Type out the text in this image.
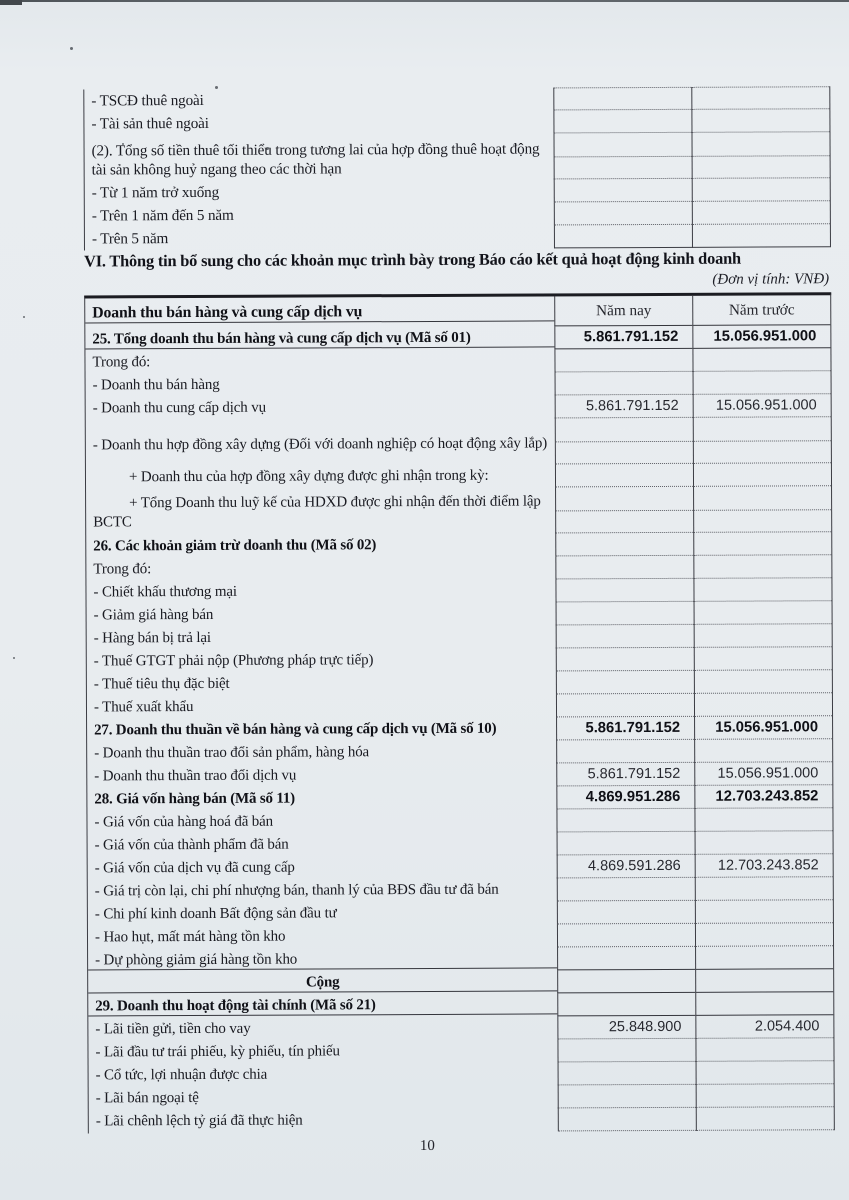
- TSCĐ thuê ngoài
- Tài sản thuê ngoài
(2). Tổng số tiền thuê tối thiểu trong tương lai của hợp đồng thuê hoạt động tài sản không huỷ ngang theo các thời hạn
- Từ 1 năm trở xuống
- Trên 1 năm đến 5 năm
- Trên 5 năm
VI. Thông tin bổ sung cho các khoản mục trình bày trong Báo cáo kết quả hoạt động kinh doanh
(Đơn vị tính: VNĐ)
Doanh thu bán hàng và cung cấp dịch vụ	Năm nay	Năm trước
25. Tổng doanh thu bán hàng và cung cấp dịch vụ (Mã số 01)	5.861.791.152	15.056.951.000
Trong đó:
- Doanh thu bán hàng
- Doanh thu cung cấp dịch vụ	5.861.791.152	15.056.951.000
- Doanh thu hợp đồng xây dựng (Đối với doanh nghiệp có hoạt động xây lắp)
+ Doanh thu của hợp đồng xây dựng được ghi nhận trong kỳ:
+ Tổng Doanh thu luỹ kế của HDXD được ghi nhận đến thời điểm lập BCTC
26. Các khoản giảm trừ doanh thu (Mã số 02)
Trong đó:
- Chiết khấu thương mại
- Giảm giá hàng bán
- Hàng bán bị trả lại
- Thuế GTGT phải nộp (Phương pháp trực tiếp)
- Thuế tiêu thụ đặc biệt
- Thuế xuất khẩu
27. Doanh thu thuần về bán hàng và cung cấp dịch vụ (Mã số 10)	5.861.791.152	15.056.951.000
- Doanh thu thuần trao đổi sản phẩm, hàng hóa
- Doanh thu thuần trao đổi dịch vụ	5.861.791.152	15.056.951.000
28. Giá vốn hàng bán (Mã số 11)	4.869.951.286	12.703.243.852
- Giá vốn của hàng hoá đã bán
- Giá vốn của thành phẩm đã bán
- Giá vốn của dịch vụ đã cung cấp	4.869.591.286	12.703.243.852
- Giá trị còn lại, chi phí nhượng bán, thanh lý của BĐS đầu tư đã bán
- Chi phí kinh doanh Bất động sản đầu tư
- Hao hụt, mất mát hàng tồn kho
- Dự phòng giảm giá hàng tồn kho
Cộng
29. Doanh thu hoạt động tài chính (Mã số 21)
- Lãi tiền gửi, tiền cho vay	25.848.900	2.054.400
- Lãi đầu tư trái phiếu, kỳ phiếu, tín phiếu
- Cổ tức, lợi nhuận được chia
- Lãi bán ngoại tệ
- Lãi chênh lệch tỷ giá đã thực hiện
10
